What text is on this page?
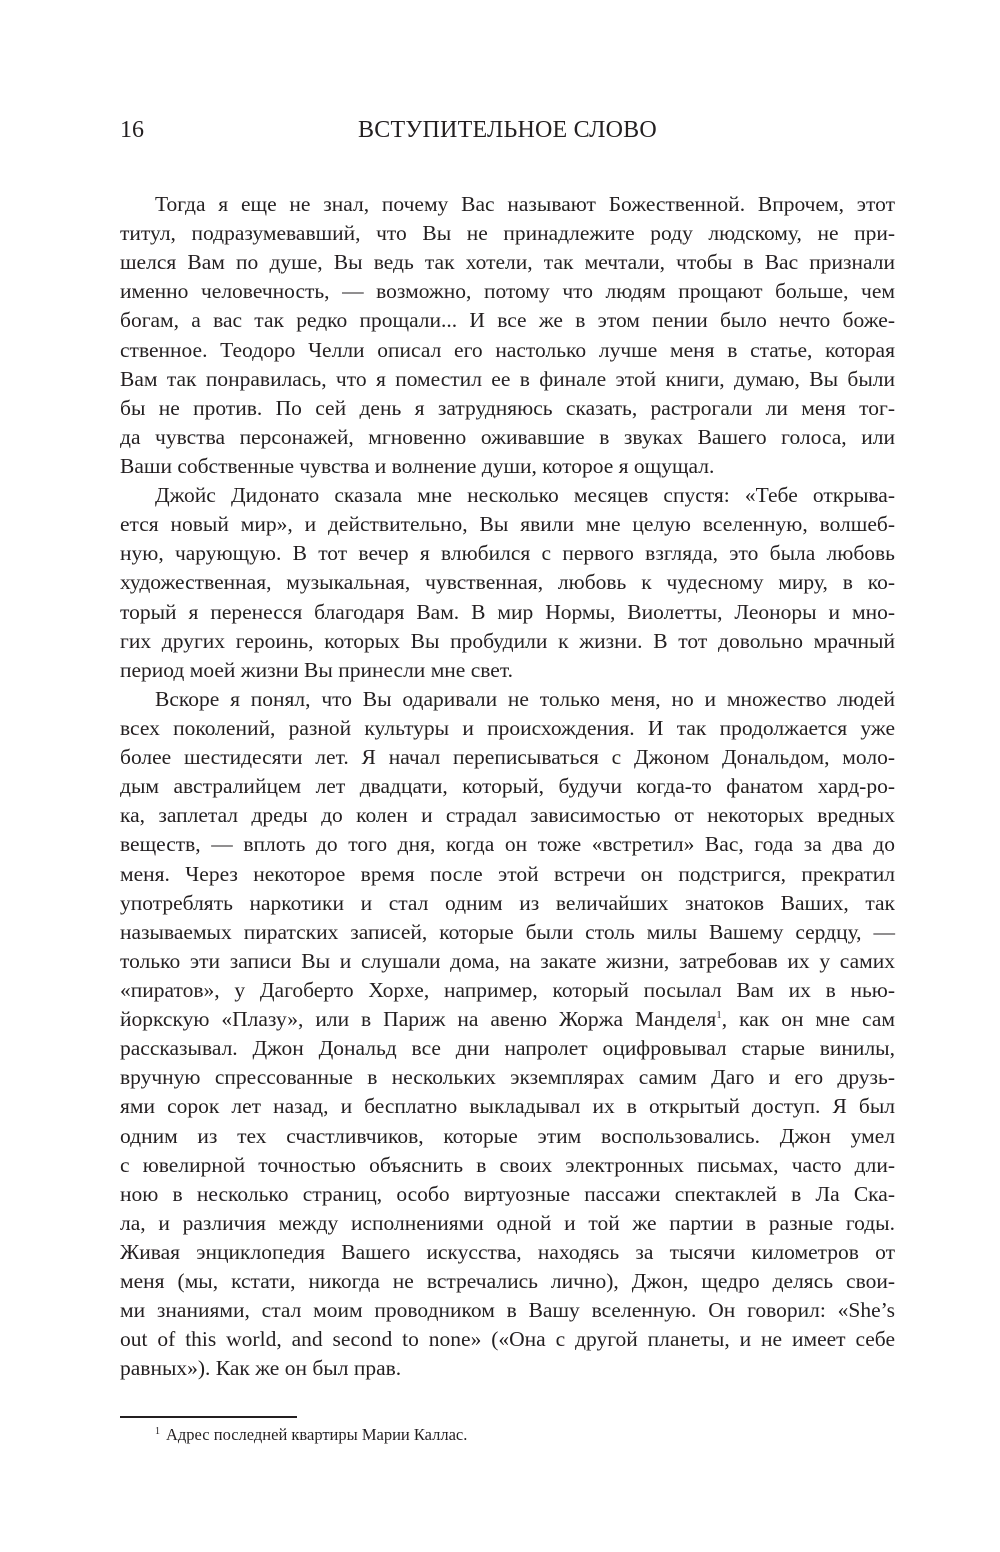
16	ВСТУПИТЕЛЬНОЕ СЛОВО
Тогда я еще не знал, почему Вас называют Божественной. Впрочем, этот
титул, подразумевавший, что Вы не принадлежите роду людскому, не при-
шелся Вам по душе, Вы ведь так хотели, так мечтали, чтобы в Вас признали
именно человечность, — возможно, потому что людям прощают больше, чем
богам, а вас так редко прощали... И все же в этом пении было нечто боже-
ственное. Теодоро Челли описал его настолько лучше меня в статье, которая
Вам так понравилась, что я поместил ее в финале этой книги, думаю, Вы были
бы не против. По сей день я затрудняюсь сказать, растрогали ли меня тог-
да чувства персонажей, мгновенно оживавшие в звуках Вашего голоса, или
Ваши собственные чувства и волнение души, которое я ощущал.
Джойс Дидонато сказала мне несколько месяцев спустя: «Тебе открыва-
ется новый мир», и действительно, Вы явили мне целую вселенную, волшеб-
ную, чарующую. В тот вечер я влюбился с первого взгляда, это была любовь
художественная, музыкальная, чувственная, любовь к чудесному миру, в ко-
торый я перенесся благодаря Вам. В мир Нормы, Виолетты, Леоноры и мно-
гих других героинь, которых Вы пробудили к жизни. В тот довольно мрачный
период моей жизни Вы принесли мне свет.
Вскоре я понял, что Вы одаривали не только меня, но и множество людей
всех поколений, разной культуры и происхождения. И так продолжается уже
более шестидесяти лет. Я начал переписываться с Джоном Дональдом, моло-
дым австралийцем лет двадцати, который, будучи когда-то фанатом хард-ро-
ка, заплетал дреды до колен и страдал зависимостью от некоторых вредных
веществ, — вплоть до того дня, когда он тоже «встретил» Вас, года за два до
меня. Через некоторое время после этой встречи он подстригся, прекратил
употреблять наркотики и стал одним из величайших знатоков Ваших, так
называемых пиратских записей, которые были столь милы Вашему сердцу, —
только эти записи Вы и слушали дома, на закате жизни, затребовав их у самих
«пиратов», у Дагоберто Хорхе, например, который посылал Вам их в нью-
йоркскую «Плазу», или в Париж на авеню Жоржа Манделя$^1$, как он мне сам
рассказывал. Джон Дональд все дни напролет оцифровывал старые винилы,
вручную спрессованные в нескольких экземплярах самим Даго и его друзь-
ями сорок лет назад, и бесплатно выкладывал их в открытый доступ. Я был
одним из тех счастливчиков, которые этим воспользовались. Джон умел
с ювелирной точностью объяснить в своих электронных письмах, часто дли-
ною в несколько страниц, особо виртуозные пассажи спектаклей в Ла Ска-
ла, и различия между исполнениями одной и той же партии в разные годы.
Живая энциклопедия Вашего искусства, находясь за тысячи километров от
меня (мы, кстати, никогда не встречались лично), Джон, щедро делясь свои-
ми знаниями, стал моим проводником в Вашу вселенную. Он говорил: «She’s
out of this world, and second to none» («Она с другой планеты, и не имеет себе
равных»). Как же он был прав.
$^1$ Адрес последней квартиры Марии Каллас.
